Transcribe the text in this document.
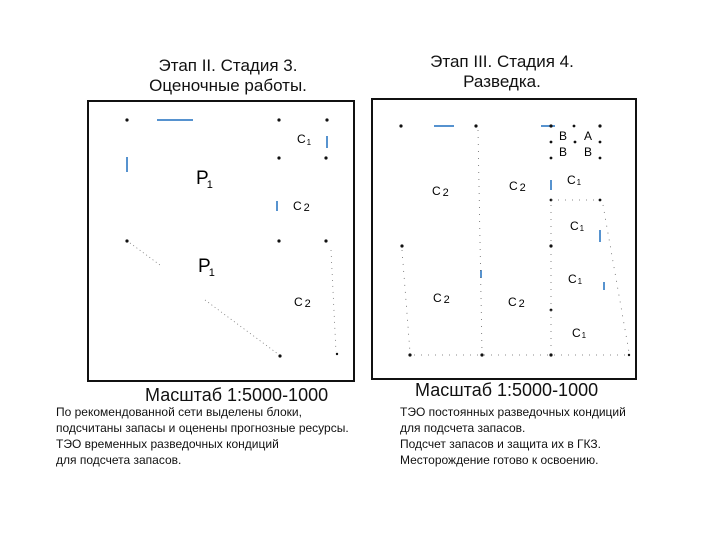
Этап II. Стадия 3.
Оценочные работы.
Этап III. Стадия 4.
Разведка.
С1
Р1
С 2
Р1
С 2
В А
В В
С 2	С 2
С1
С1
С1
С 2	С 2
С1
Масштаб 1:5000-1000	Масштаб 1:5000-1000
По рекомендованной сети выделены блоки,
подсчитаны запасы и оценены прогнозные ресурсы.
ТЭО временных разведочных кондиций
для подсчета запасов.
ТЭО постоянных разведочных кондиций
для подсчета запасов.
Подсчет запасов и защита их в ГКЗ.
Месторождение готово к освоению.
